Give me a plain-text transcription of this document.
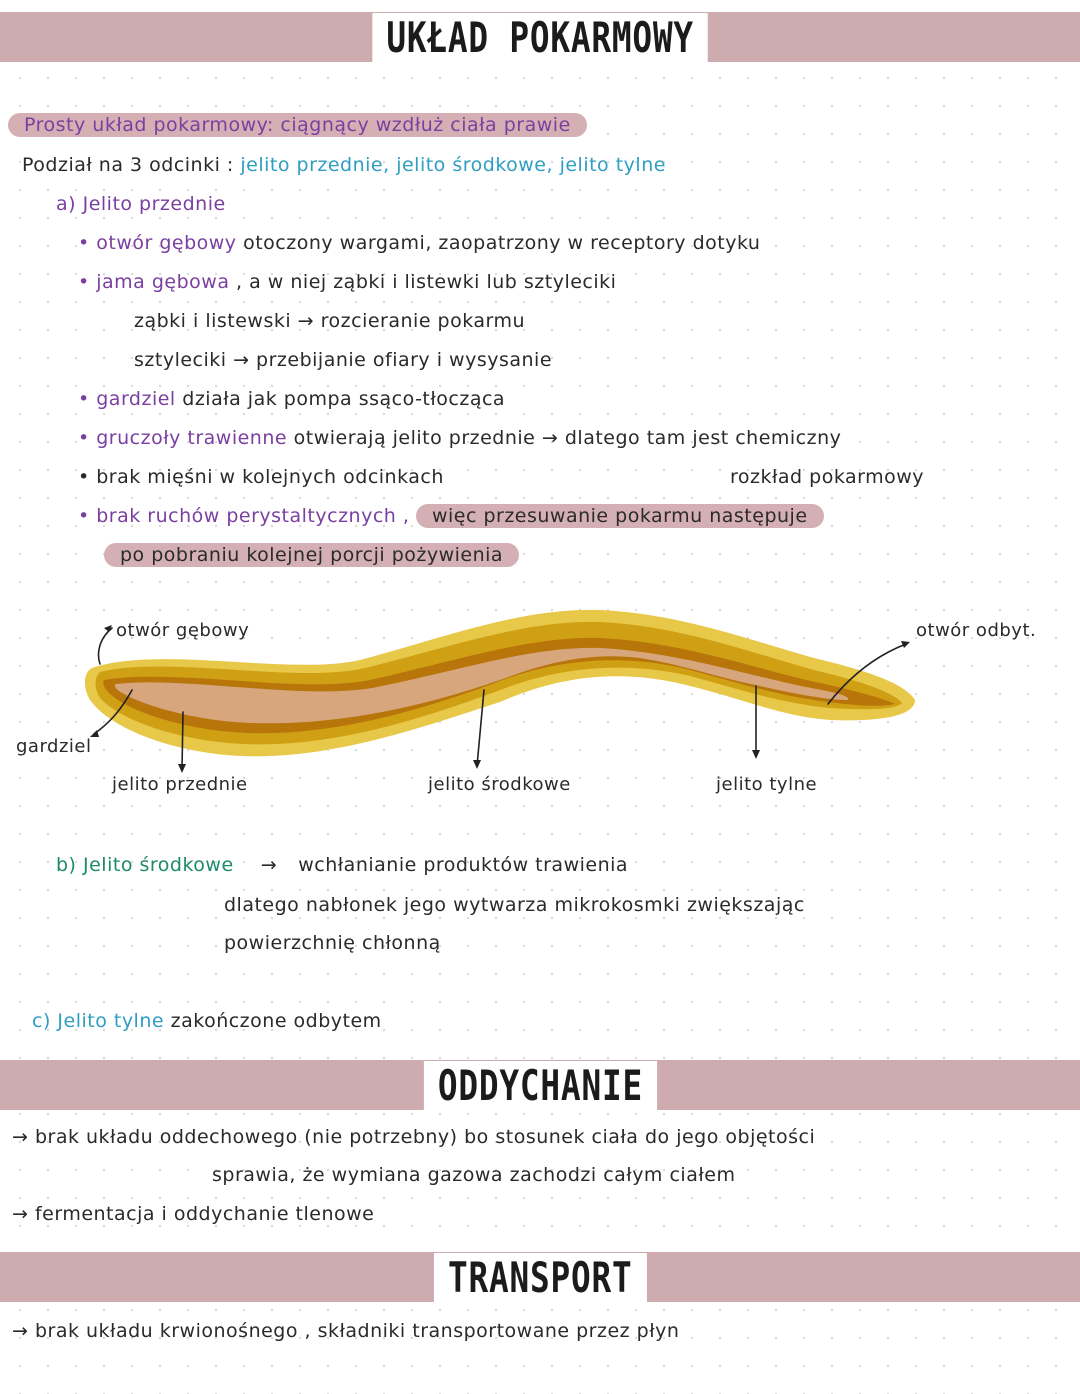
UKŁAD POKARMOWY
Prosty układ pokarmowy: ciągnący wzdłuż ciała prawie
Podział na 3 odcinki : jelito przednie, jelito środkowe, jelito tylne
a) Jelito przednie
• otwór gębowy otoczony wargami, zaopatrzony w receptory dotyku
• jama gębowa , a w niej ząbki i listewki lub sztyleciki
ząbki i listewski → rozcieranie pokarmu
sztyleciki → przebijanie ofiary i wysysanie
• gardziel działa jak pompa ssąco-tłocząca
• gruczoły trawienne otwierają jelito przednie → dlatego tam jest chemiczny
• brak mięśni w kolejnych odcinkach	rozkład pokarmowy
• brak ruchów perystaltycznych , więc przesuwanie pokarmu następuje
po pobraniu kolejnej porcji pożywienia
otwór gębowy	otwór odbyt.
gardziel
jelito przednie	jelito środkowe	jelito tylne
b) Jelito środkowe → wchłanianie produktów trawienia
dlatego nabłonek jego wytwarza mikrokosmki zwiększając
powierzchnię chłonną
c) Jelito tylne zakończone odbytem
ODDYCHANIE
→ brak układu oddechowego (nie potrzebny) bo stosunek ciała do jego objętości
sprawia, że wymiana gazowa zachodzi całym ciałem
→ fermentacja i oddychanie tlenowe
TRANSPORT
→ brak układu krwionośnego , składniki transportowane przez płyn
